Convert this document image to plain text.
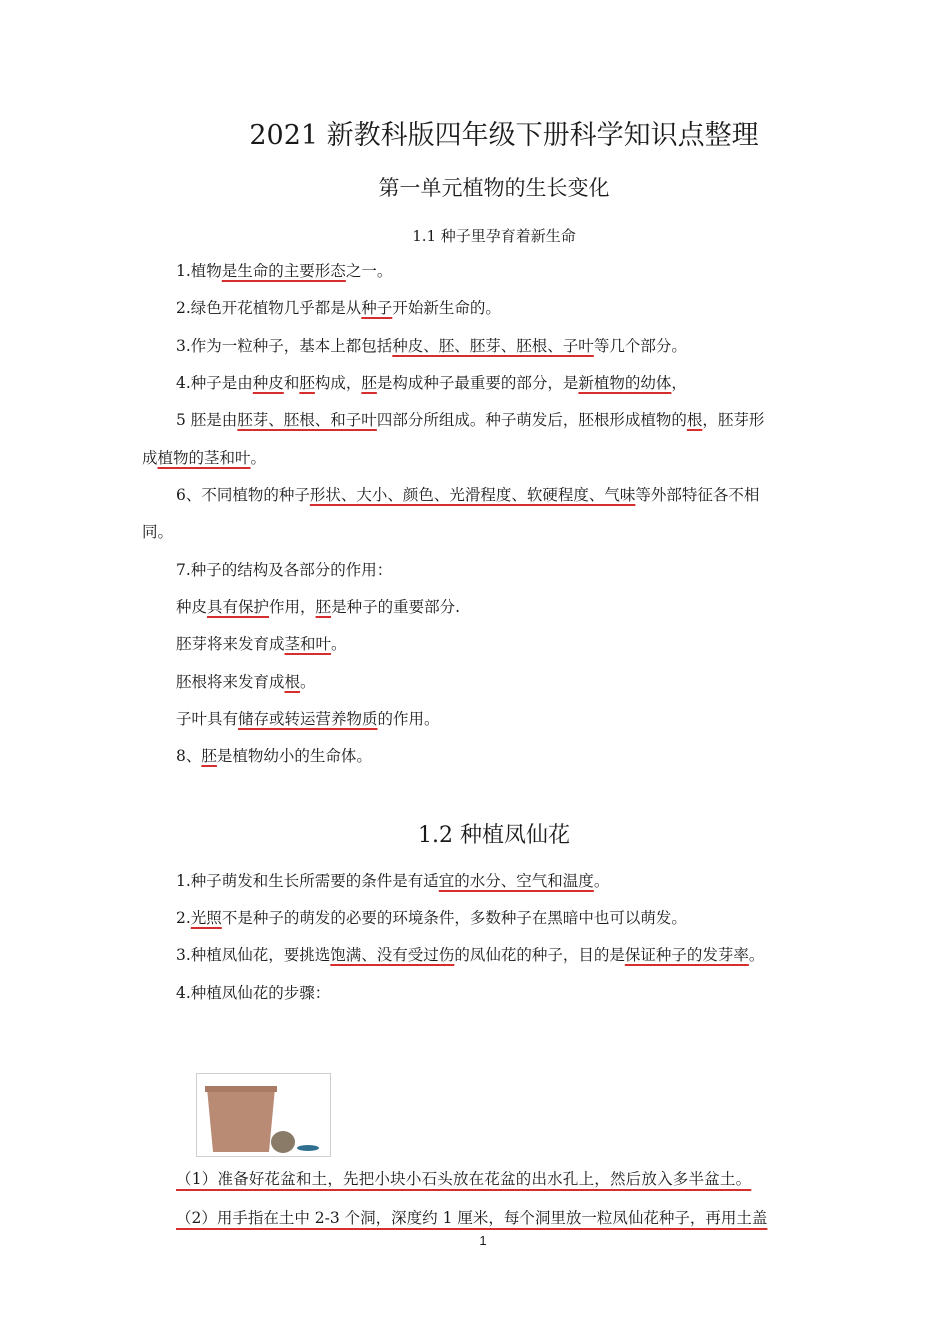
2021 新教科版四年级下册科学知识点整理
第一单元植物的生长变化
1.1 种子里孕育着新生命
1.植物是生命的主要形态之一。
2.绿色开花植物几乎都是从种子开始新生命的。
3.作为一粒种子，基本上都包括种皮、胚、胚芽、胚根、子叶等几个部分。
4.种子是由种皮和胚构成，胚是构成种子最重要的部分，是新植物的幼体，
5 胚是由胚芽、胚根、和子叶四部分所组成。种子萌发后，胚根形成植物的根，胚芽形
成植物的茎和叶。
6、不同植物的种子形状、大小、颜色、光滑程度、软硬程度、气味等外部特征各不相
同。
7.种子的结构及各部分的作用：
种皮具有保护作用，胚是种子的重要部分.
胚芽将来发育成茎和叶。
胚根将来发育成根。
子叶具有储存或转运营养物质的作用。
8、胚是植物幼小的生命体。
1.2 种植凤仙花
1.种子萌发和生长所需要的条件是有适宜的水分、空气和温度。
2.光照不是种子的萌发的必要的环境条件，多数种子在黑暗中也可以萌发。
3.种植凤仙花，要挑选饱满、没有受过伤的凤仙花的种子，目的是保证种子的发芽率。
4.种植凤仙花的步骤：
（1）准备好花盆和土，先把小块小石头放在花盆的出水孔上，然后放入多半盆土。
（2）用手指在土中 2-3 个洞，深度约 1 厘米，每个洞里放一粒凤仙花种子，再用土盖
1
